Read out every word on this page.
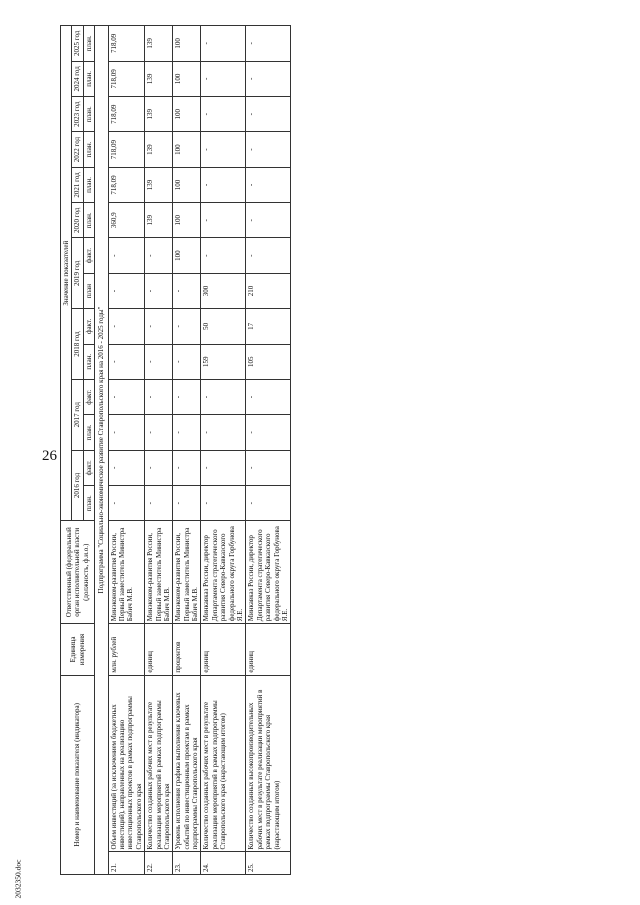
26
2032350.doc
Номер и наименование показателя (индикатора)		Единица измерения	Ответственный (федеральный орган исполнительной власти (должность, ф.и.о.)	Значение показателей													
				2016 год		2017 год		2018 год		2019 год		2020 год	2021 год	2022 год	2023 год	2024 год	2025 год
				план.	факт.	план.	факт.	план.	факт.	план	факт.	план.	план.	план.	план.	план.	план.
Подпрограмма "Социально-экономическое развитие Ставропольского края на 2016 - 2025 годы"																	
21.	Объем инвестиций (за исключением бюджетных инвестиций), направленных на реализацию инвестиционных проектов в рамках подпрограммы Ставропольского края	млн. рублей	Минэконом-развития России, Первый заместитель Министра Бабич М.В.	-	-	-	-	-	-	-	-	360,9	718,09	718,09	718,09	718,09	718,09
22.	Количество созданных рабочих мест в результате реализации мероприятий в рамках подпрограммы Ставропольского края	единиц	Минэконом-развития России, Первый заместитель Министра Бабич М.В.	-	-	-	-	-	-	-	-	139	139	139	139	139	139
23.	Уровень исполнения графика выполнения ключевых событий по инвестиционным проектам в рамках подпрограммы Ставропольского края	процентов	Минэконом-развития России, Первый заместитель Министра Бабич М.В.	-	-	-	-	-	-	-	100	100	100	100	100	100	100
24.	Количество созданных рабочих мест в результате реализации мероприятий в рамках подпрограммы Ставропольского края (нарастающим итогом)	единиц	Минкавказ России, директор Департамента стратегического развития Северо-Кавказского федерального округа Горбунова Я.Е.	-	-	-	-	159	50	300	-	-	-	-	-	-	-
25.	Количество созданных высокопроизводительных рабочих мест в результате реализации мероприятий в рамках подпрограммы Ставропольского края (нарастающим итогом)	единиц	Минкавказ России, директор Департамента стратегического развития Северо-Кавказского федерального округа Горбунова Я.Е.	-	-	-	-	105	17	210	-	-	-	-	-	-	-
